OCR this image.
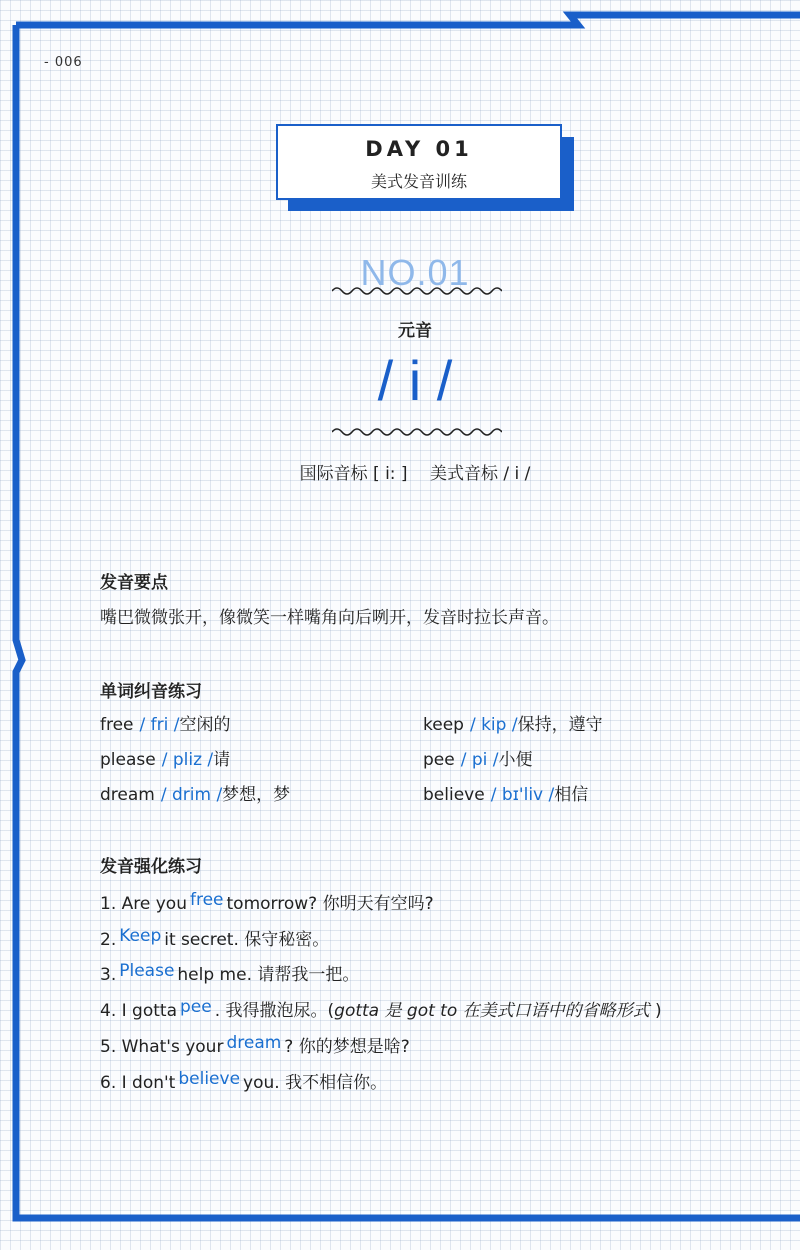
- 006
DAY 01
美式发音训练
NO.01
元音
/ i /
国际音标 [ i: ]　 美式音标 / i /
发音要点
嘴巴微微张开，像微笑一样嘴角向后咧开，发音时拉长声音。
单词纠音练习
free / fri /空闲的	keep / kip /保持，遵守
please / pliz /请	pee / pi /小便
dream / drim /梦想，梦	believe / bɪ'liv /相信
发音强化练习
1. Are you free tomorrow? 你明天有空吗?
2. Keep it secret. 保守秘密。
3. Please help me. 请帮我一把。
4. I gotta pee . 我得撒泡尿。(gotta 是 got to 在美式口语中的省略形式 )
5. What's your dream ? 你的梦想是啥?
6. I don't believe you. 我不相信你。
